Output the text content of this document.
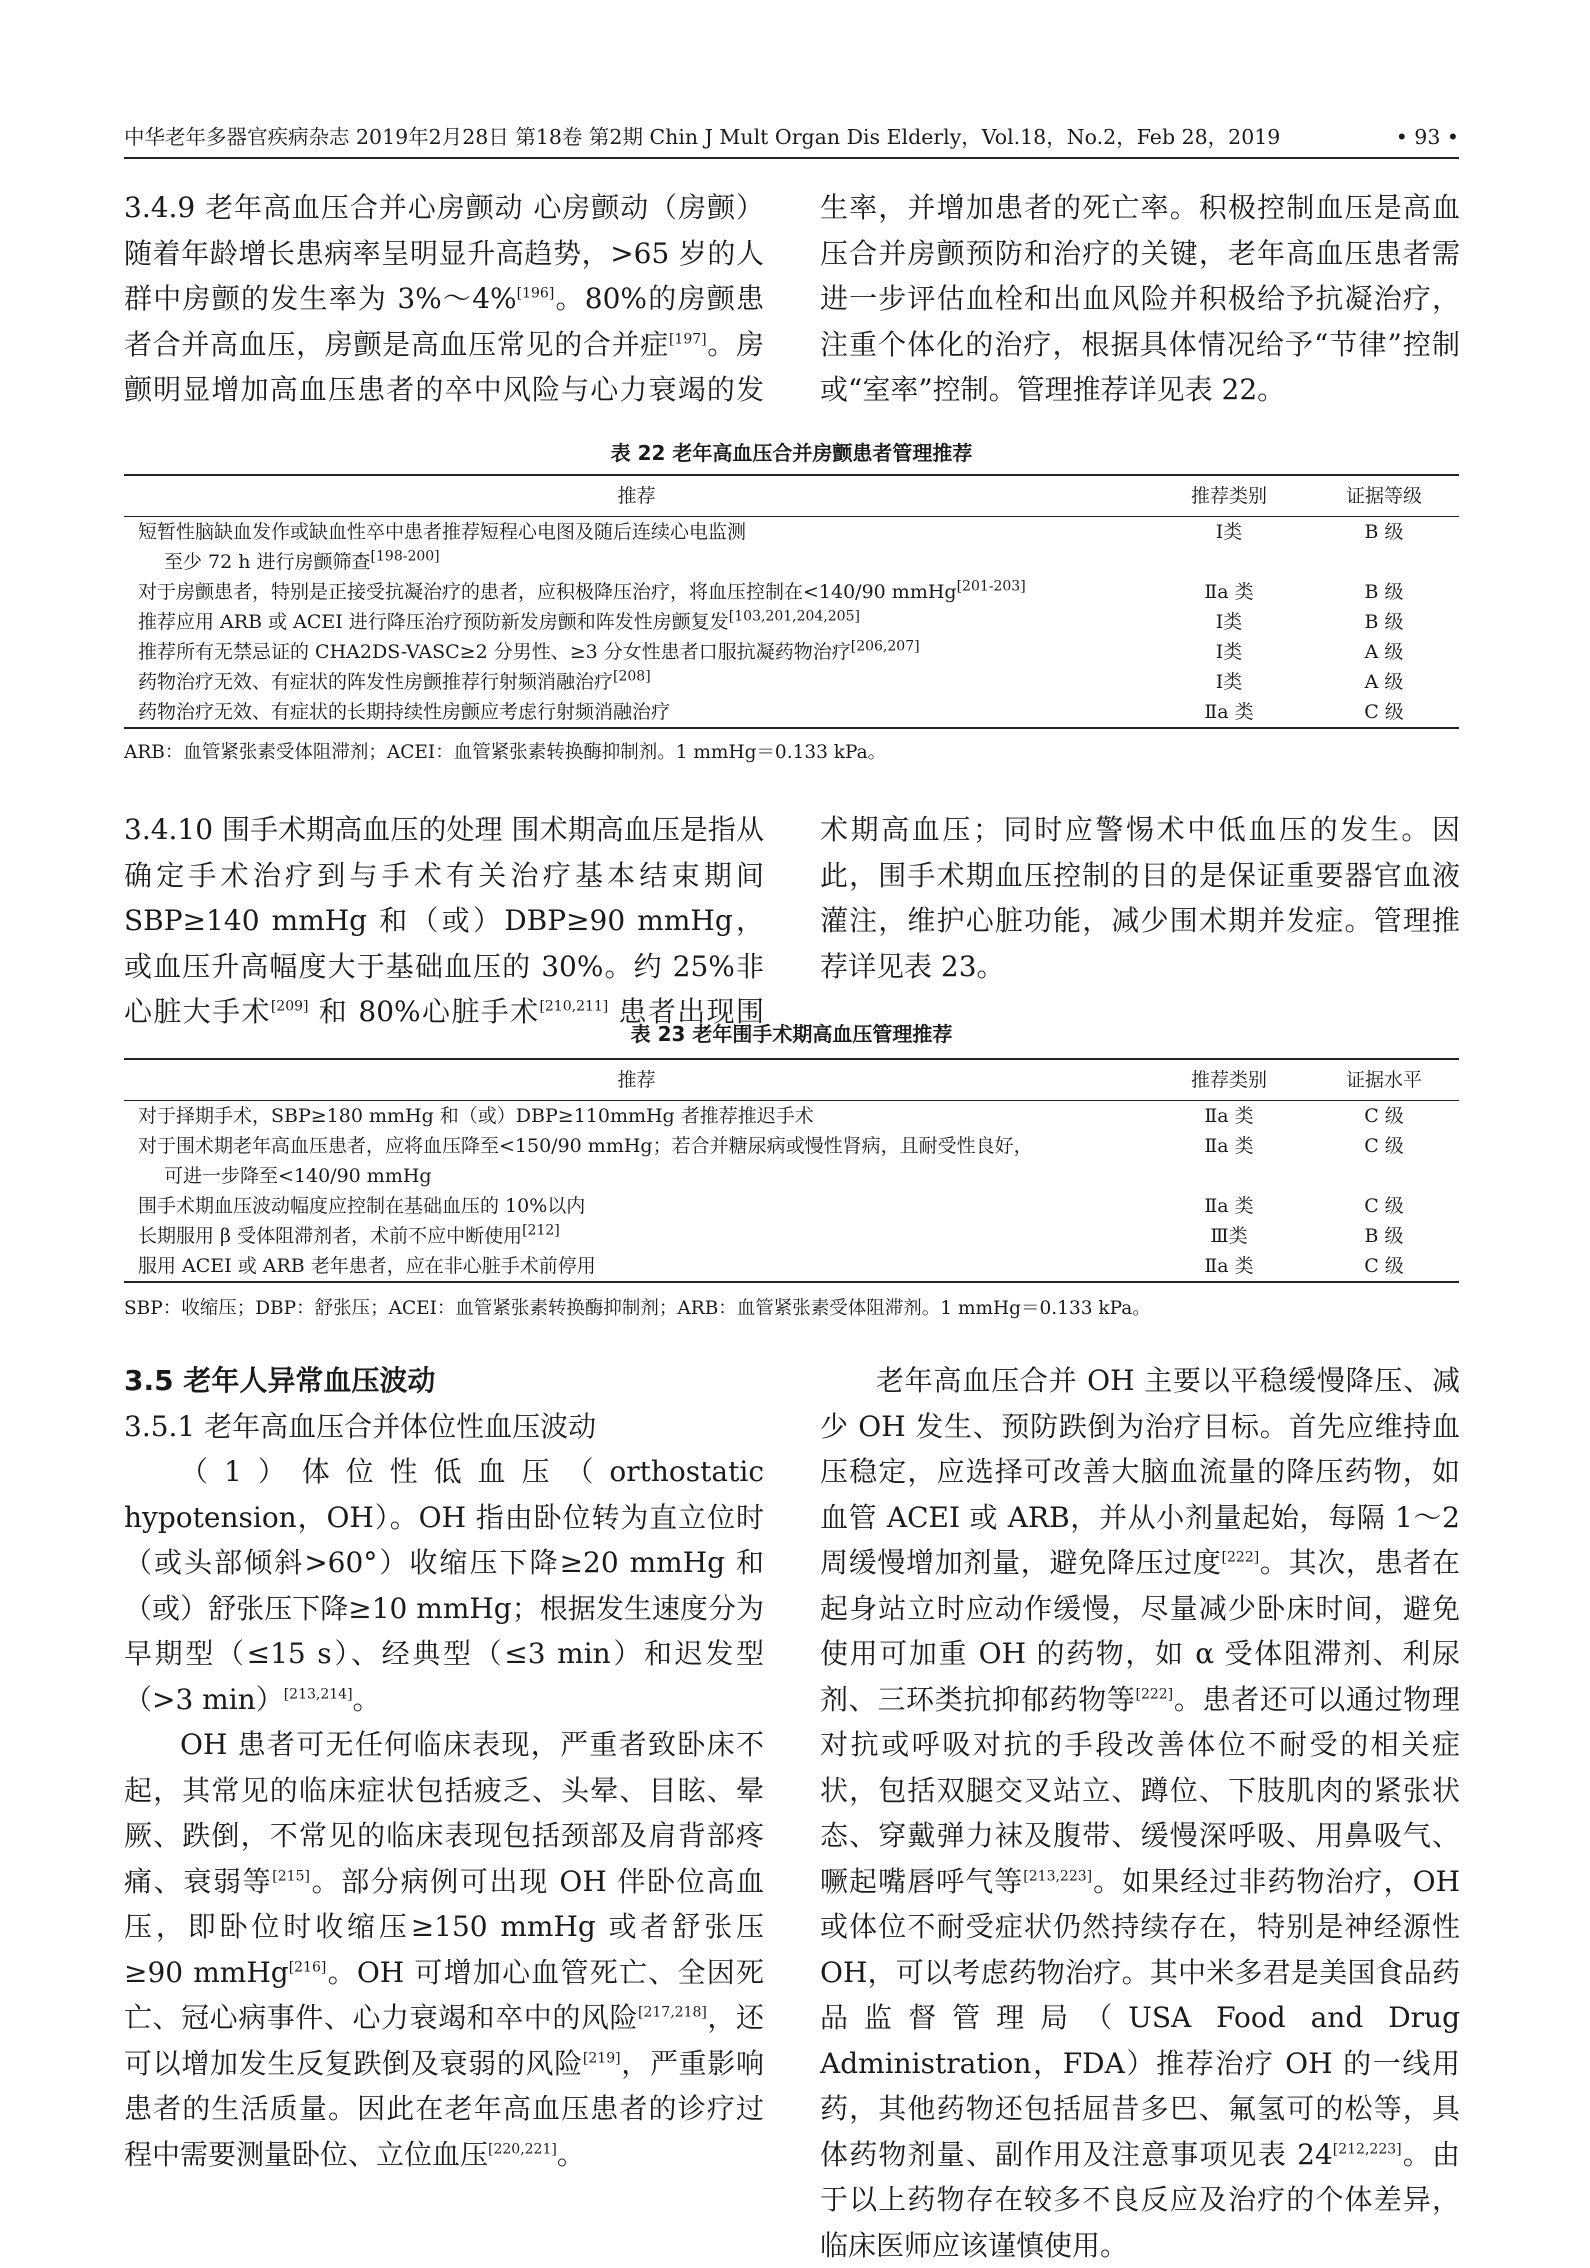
中华老年多器官疾病杂志 2019年2月28日 第18卷 第2期 Chin J Mult Organ Dis Elderly，Vol.18，No.2，Feb 28，2019	• 93 •

3.4.9 老年高血压合并心房颤动 心房颤动（房颤）随着年龄增长患病率呈明显升高趋势，>65 岁的人群中房颤的发生率为 3%～4%[196]。80%的房颤患者合并高血压，房颤是高血压常见的合并症[197]。房颤明显增加高血压患者的卒中风险与心力衰竭的发

表 22 老年高血压合并房颤患者管理推荐
推荐	推荐类别	证据等级
短暂性脑缺血发作或缺血性卒中患者推荐短程心电图及随后连续心电监测
至少 72 h 进行房颤筛查[198-200]	Ⅰ类	B 级
对于房颤患者，特别是正接受抗凝治疗的患者，应积极降压治疗，将血压控制在<140/90 mmHg[201-203]	Ⅱa 类	B 级
推荐应用 ARB 或 ACEI 进行降压治疗预防新发房颤和阵发性房颤复发[103,201,204,205]	Ⅰ类	B 级
推荐所有无禁忌证的 CHA2DS-VASC≥2 分男性、≥3 分女性患者口服抗凝药物治疗[206,207]	Ⅰ类	A 级
药物治疗无效、有症状的阵发性房颤推荐行射频消融治疗[208]	Ⅰ类	A 级
药物治疗无效、有症状的长期持续性房颤应考虑行射频消融治疗	Ⅱa 类	C 级
ARB：血管紧张素受体阻滞剂；ACEI：血管紧张素转换酶抑制剂。1 mmHg＝0.133 kPa。

3.4.10 围手术期高血压的处理 围术期高血压是指从确定手术治疗到与手术有关治疗基本结束期间 SBP≥140 mmHg 和（或）DBP≥90 mmHg，或血压升高幅度大于基础血压的 30%。约 25%非心脏大手术[209] 和 80%心脏手术[210,211] 患者出现围

表 23 老年围手术期高血压管理推荐
推荐	推荐类别	证据水平
对于择期手术，SBP≥180 mmHg 和（或）DBP≥110mmHg 者推荐推迟手术	Ⅱa 类	C 级
对于围术期老年高血压患者，应将血压降至<150/90 mmHg；若合并糖尿病或慢性肾病，且耐受性良好，
可进一步降至<140/90 mmHg	Ⅱa 类	C 级
围手术期血压波动幅度应控制在基础血压的 10%以内	Ⅱa 类	C 级
长期服用 β 受体阻滞剂者，术前不应中断使用[212]	Ⅲ类	B 级
服用 ACEI 或 ARB 老年患者，应在非心脏手术前停用	Ⅱa 类	C 级
SBP：收缩压；DBP：舒张压；ACEI：血管紧张素转换酶抑制剂；ARB：血管紧张素受体阻滞剂。1 mmHg＝0.133 kPa。

3.5 老年人异常血压波动

3.5.1 老年高血压合并体位性血压波动

（1）体位性低血压（orthostatic hypotension，OH）。OH 指由卧位转为直立位时（或头部倾斜>60°）收缩压下降≥20 mmHg 和（或）舒张压下降≥10 mmHg；根据发生速度分为早期型（≤15 s）、经典型（≤3 min）和迟发型（>3 min）[213,214]。

OH 患者可无任何临床表现，严重者致卧床不起，其常见的临床症状包括疲乏、头晕、目眩、晕厥、跌倒，不常见的临床表现包括颈部及肩背部疼痛、衰弱等[215]。部分病例可出现 OH 伴卧位高血压，即卧位时收缩压≥150 mmHg 或者舒张压≥90 mmHg[216]。OH 可增加心血管死亡、全因死亡、冠心病事件、心力衰竭和卒中的风险[217,218]，还可以增加发生反复跌倒及衰弱的风险[219]，严重影响患者的生活质量。因此在老年高血压患者的诊疗过程中需要测量卧位、立位血压[220,221]。

老年高血压合并 OH 主要以平稳缓慢降压、减少 OH 发生、预防跌倒为治疗目标。首先应维持血压稳定，应选择可改善大脑血流量的降压药物，如血管 ACEI 或 ARB，并从小剂量起始，每隔 1～2 周缓慢增加剂量，避免降压过度[222]。其次，患者在起身站立时应动作缓慢，尽量减少卧床时间，避免使用可加重 OH 的药物，如 α 受体阻滞剂、利尿剂、三环类抗抑郁药物等[222]。患者还可以通过物理对抗或呼吸对抗的手段改善体位不耐受的相关症状，包括双腿交叉站立、蹲位、下肢肌肉的紧张状态、穿戴弹力袜及腹带、缓慢深呼吸、用鼻吸气、噘起嘴唇呼气等[213,223]。如果经过非药物治疗，OH 或体位不耐受症状仍然持续存在，特别是神经源性 OH，可以考虑药物治疗。其中米多君是美国食品药品监督管理局（USA Food and Drug Administration，FDA）推荐治疗 OH 的一线用药，其他药物还包括屈昔多巴、氟氢可的松等，具体药物剂量、副作用及注意事项见表 24[212,223]。由于以上药物存在较多不良反应及治疗的个体差异，临床医师应该谨慎使用。

生率，并增加患者的死亡率。积极控制血压是高血压合并房颤预防和治疗的关键，老年高血压患者需进一步评估血栓和出血风险并积极给予抗凝治疗，注重个体化的治疗，根据具体情况给予“节律”控制或“室率”控制。管理推荐详见表 22。

术期高血压；同时应警惕术中低血压的发生。因此，围手术期血压控制的目的是保证重要器官血液灌注，维护心脏功能，减少围术期并发症。管理推荐详见表 23。
